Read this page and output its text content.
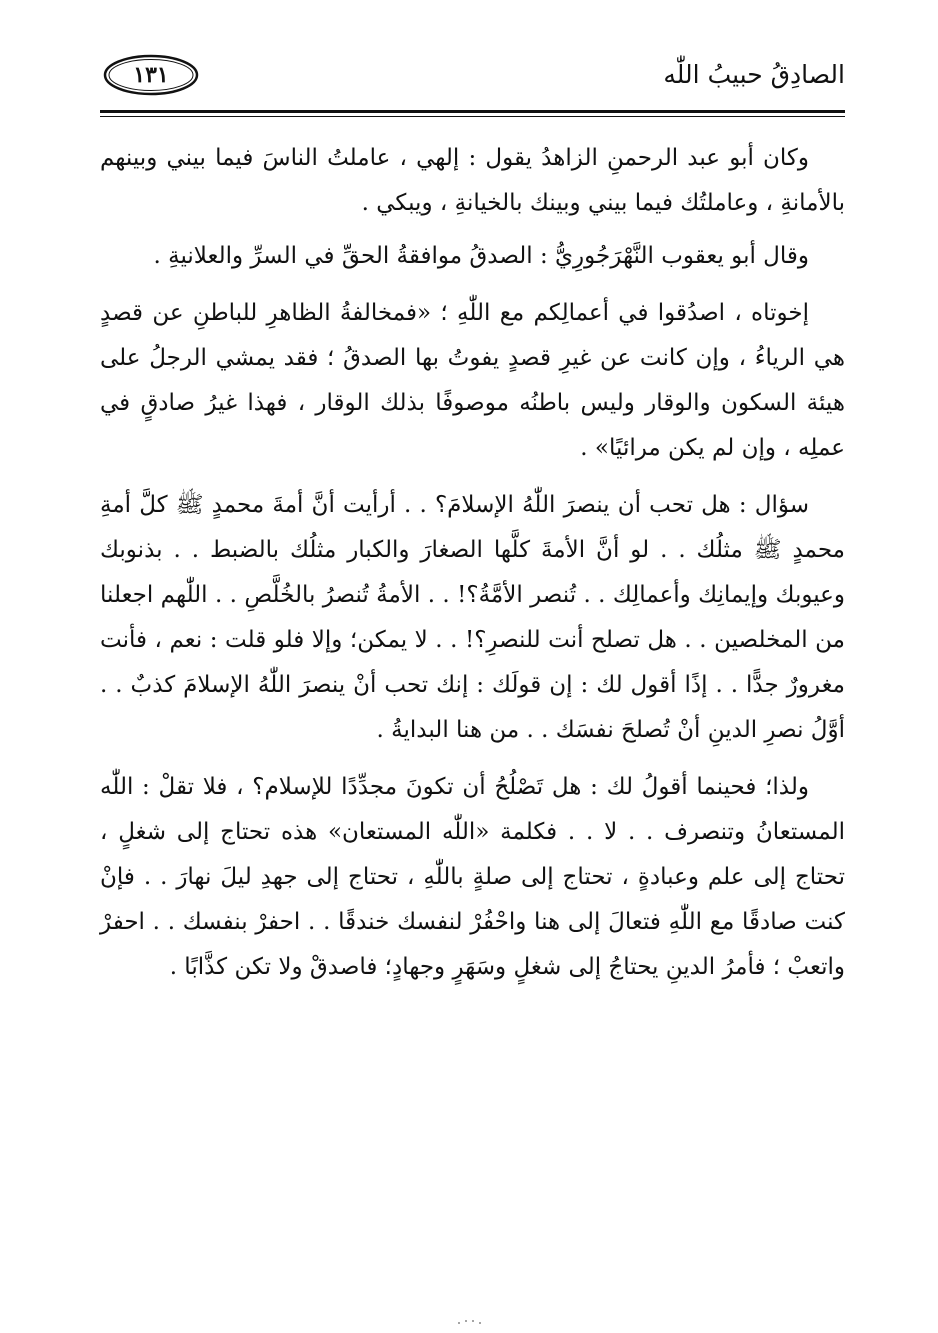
الصادِقُ حبيبُ اللّٰه
١٣١

وكان أبو عبد الرحمنِ الزاهدُ يقول : إلهي ، عاملتُ الناسَ فيما بيني وبينهم بالأمانةِ ، وعاملتُك فيما بيني وبينك بالخيانةِ ، ويبكي .

وقال أبو يعقوب النَّهْرَجُورِيُّ : الصدقُ موافقةُ الحقِّ في السرِّ والعلانيةِ .

إخوتاه ، اصدُقوا في أعمالِكم مع اللّٰهِ ؛ «فمخالفةُ الظاهرِ للباطنِ عن قصدٍ هي الرياءُ ، وإن كانت عن غيرِ قصدٍ يفوتُ بها الصدقُ ؛ فقد يمشي الرجلُ على هيئة السكون والوقار وليس باطنُه موصوفًا بذلك الوقار ، فهذا غيرُ صادقٍ في عملِه ، وإن لم يكن مرائيًا» .

سؤال : هل تحب أن ينصرَ اللّٰهُ الإسلامَ؟ . . أرأيت أنَّ أمةَ محمدٍ ﷺ كلَّ أمةِ محمدٍ ﷺ مثلُك . . لو أنَّ الأمةَ كلَّها الصغارَ والكبار مثلُك بالضبط . . بذنوبك وعيوبك وإيمانِك وأعمالِك . . تُنصر الأمَّةُ؟! . . الأمةُ تُنصرُ بالخُلَّصِ . . اللّٰهم اجعلنا من المخلصين . . هل تصلح أنت للنصرِ؟! . . لا يمكن؛ وإلا فلو قلت : نعم ، فأنت مغرورٌ جدًّا . . إذًا أقول لك : إن قولَك : إنك تحب أنْ ينصرَ اللّٰهُ الإسلامَ كذبٌ . . أوَّلُ نصرِ الدينِ أنْ تُصلحَ نفسَك . . من هنا البدايةُ .

ولذا؛ فحينما أقولُ لك : هل تَصْلُحُ أن تكونَ مجدِّدًا للإسلام؟ ، فلا تقلْ : اللّٰه المستعانُ وتنصرف . . لا . . فكلمة «اللّٰه المستعان» هذه تحتاج إلى شغلٍ ، تحتاج إلى علم وعبادةٍ ، تحتاج إلى صلةٍ باللّٰهِ ، تحتاج إلى جهدِ ليلَ نهارَ . . فإنْ كنت صادقًا مع اللّٰهِ فتعالَ إلى هنا واحْفُرْ لنفسك خندقًا . . احفرْ بنفسك . . احفرْ واتعبْ ؛ فأمرُ الدينِ يحتاجُ إلى شغلٍ وسَهَرٍ وجهادٍ؛ فاصدقْ ولا تكن كذَّابًا .
